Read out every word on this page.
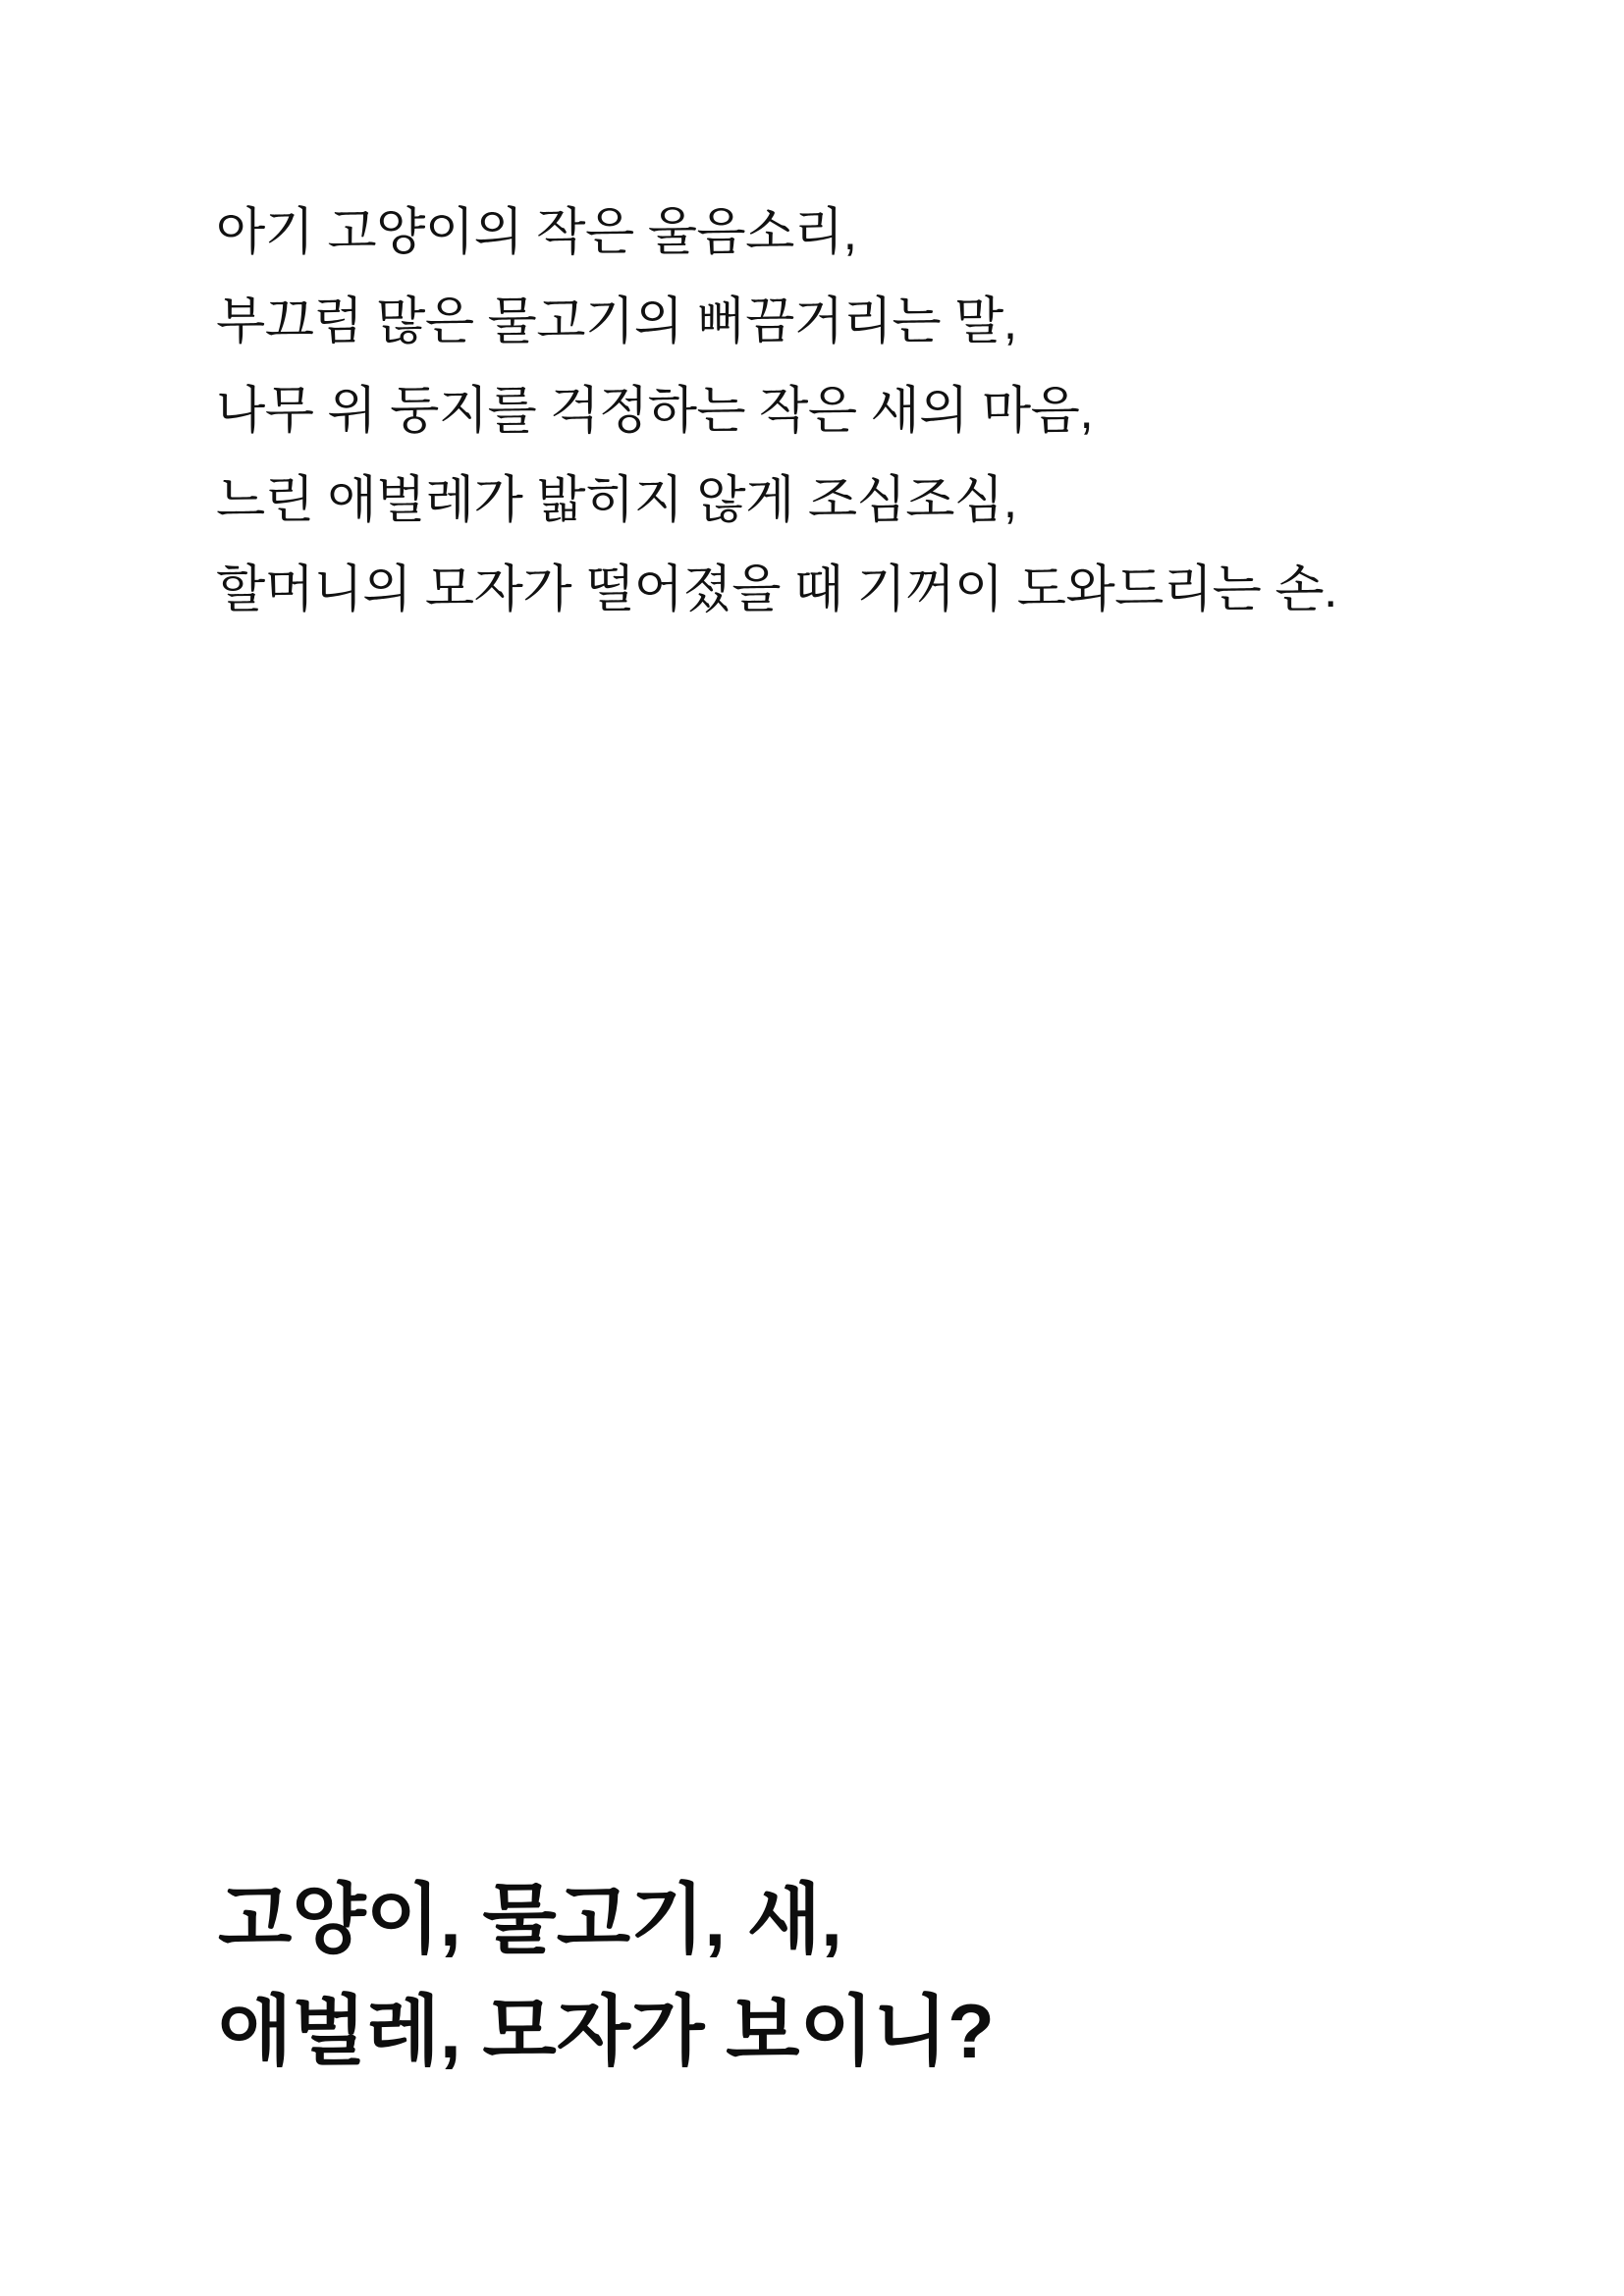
아기 고양이의 작은 울음소리,

부끄럼 많은 물고기의 뻐끔거리는 말,

나무 위 둥지를 걱정하는 작은 새의 마음,

느린 애벌레가 밟히지 않게 조심조심,

할머니의 모자가 떨어졌을 때 기꺼이 도와드리는 손.

고양이, 물고기, 새,

애벌레, 모자가 보이니?
